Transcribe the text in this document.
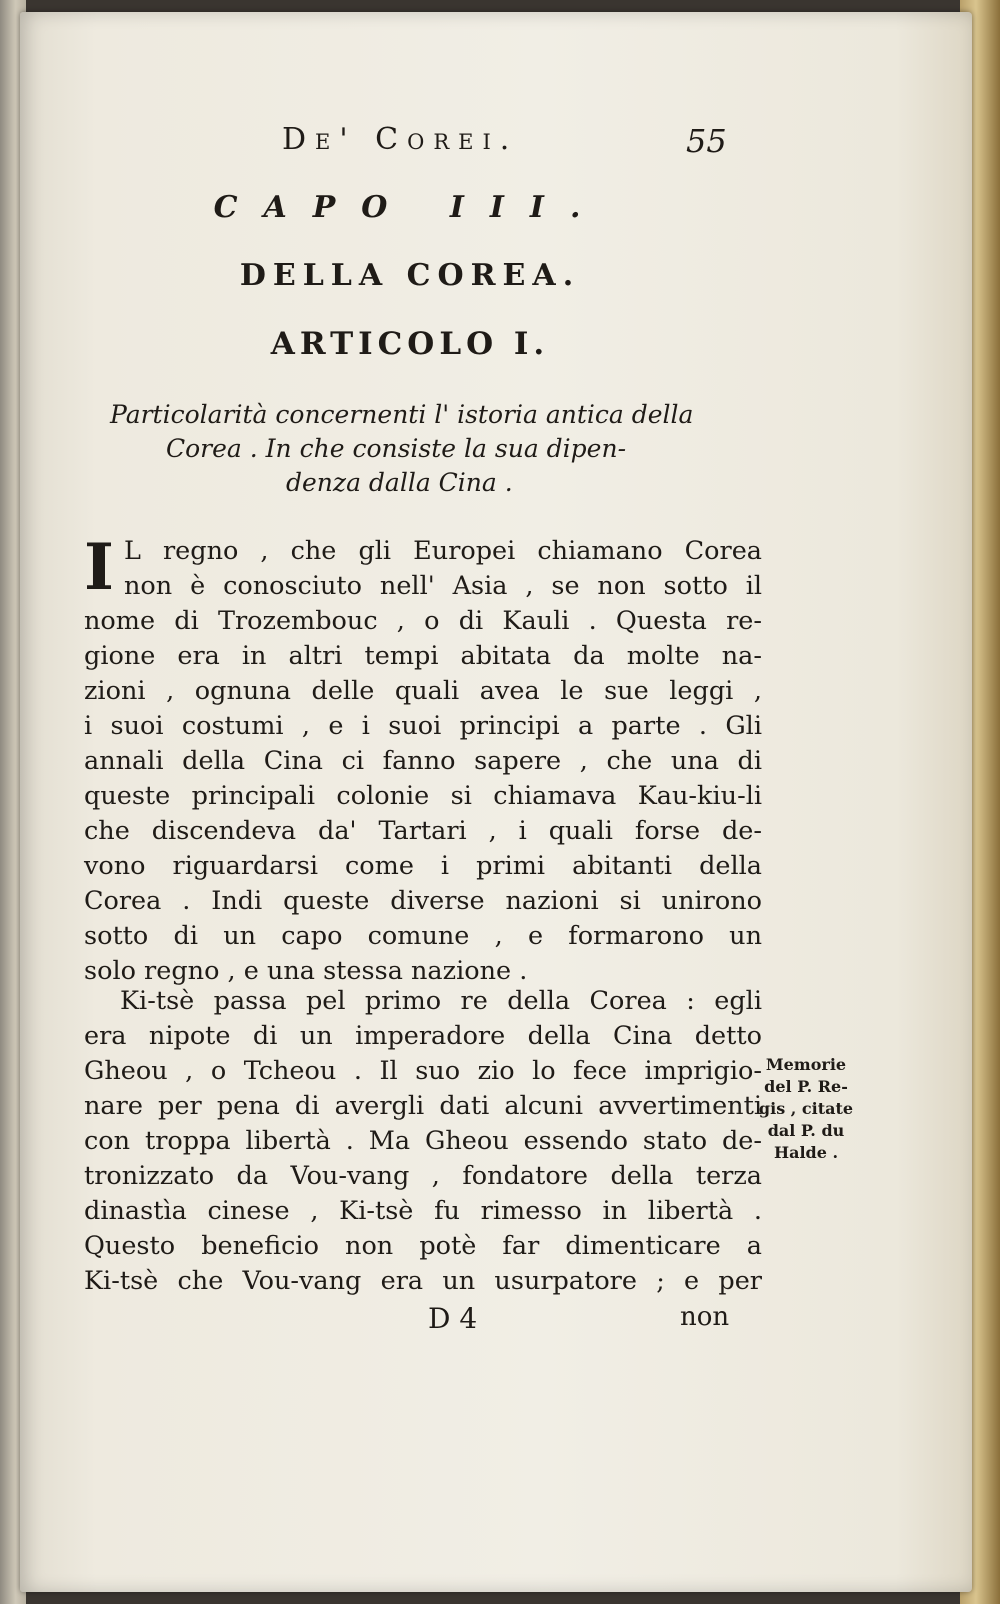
De' Corei.	55
CAPO III.
DELLA COREA.
ARTICOLO I.

Particolarità concernenti l' istoria antica della

Corea . In che consiste la sua dipen-

denza dalla Cina .

I L regno , che gli Europei chiamano Corea

non è conosciuto nell' Asia , se non sotto il

nome di Trozembouc , o di Kauli . Questa re-

gione era in altri tempi abitata da molte na-

zioni , ognuna delle quali avea le sue leggi ,

i suoi costumi , e i suoi principi a parte . Gli

annali della Cina ci fanno sapere , che una di

queste principali colonie si chiamava Kau-kiu-li

che discendeva da' Tartari , i quali forse de-

vono riguardarsi come i primi abitanti della

Corea . Indi queste diverse nazioni si unirono

sotto di un capo comune , e formarono un

solo regno , e una stessa nazione .

Ki-tsè passa pel primo re della Corea : egli

era nipote di un imperadore della Cina detto

Gheou , o Tcheou . Il suo zio lo fece imprigio-

nare per pena di avergli dati alcuni avvertimenti

con troppa libertà . Ma Gheou essendo stato de-

tronizzato da Vou-vang , fondatore della terza

dinastìa cinese , Ki-tsè fu rimesso in libertà .

Questo beneficio non potè far dimenticare a

Ki-tsè che Vou-vang era un usurpatore ; e per

Memorie

del P. Re-

gis , citate

dal P. du

Halde .

D 4	non
